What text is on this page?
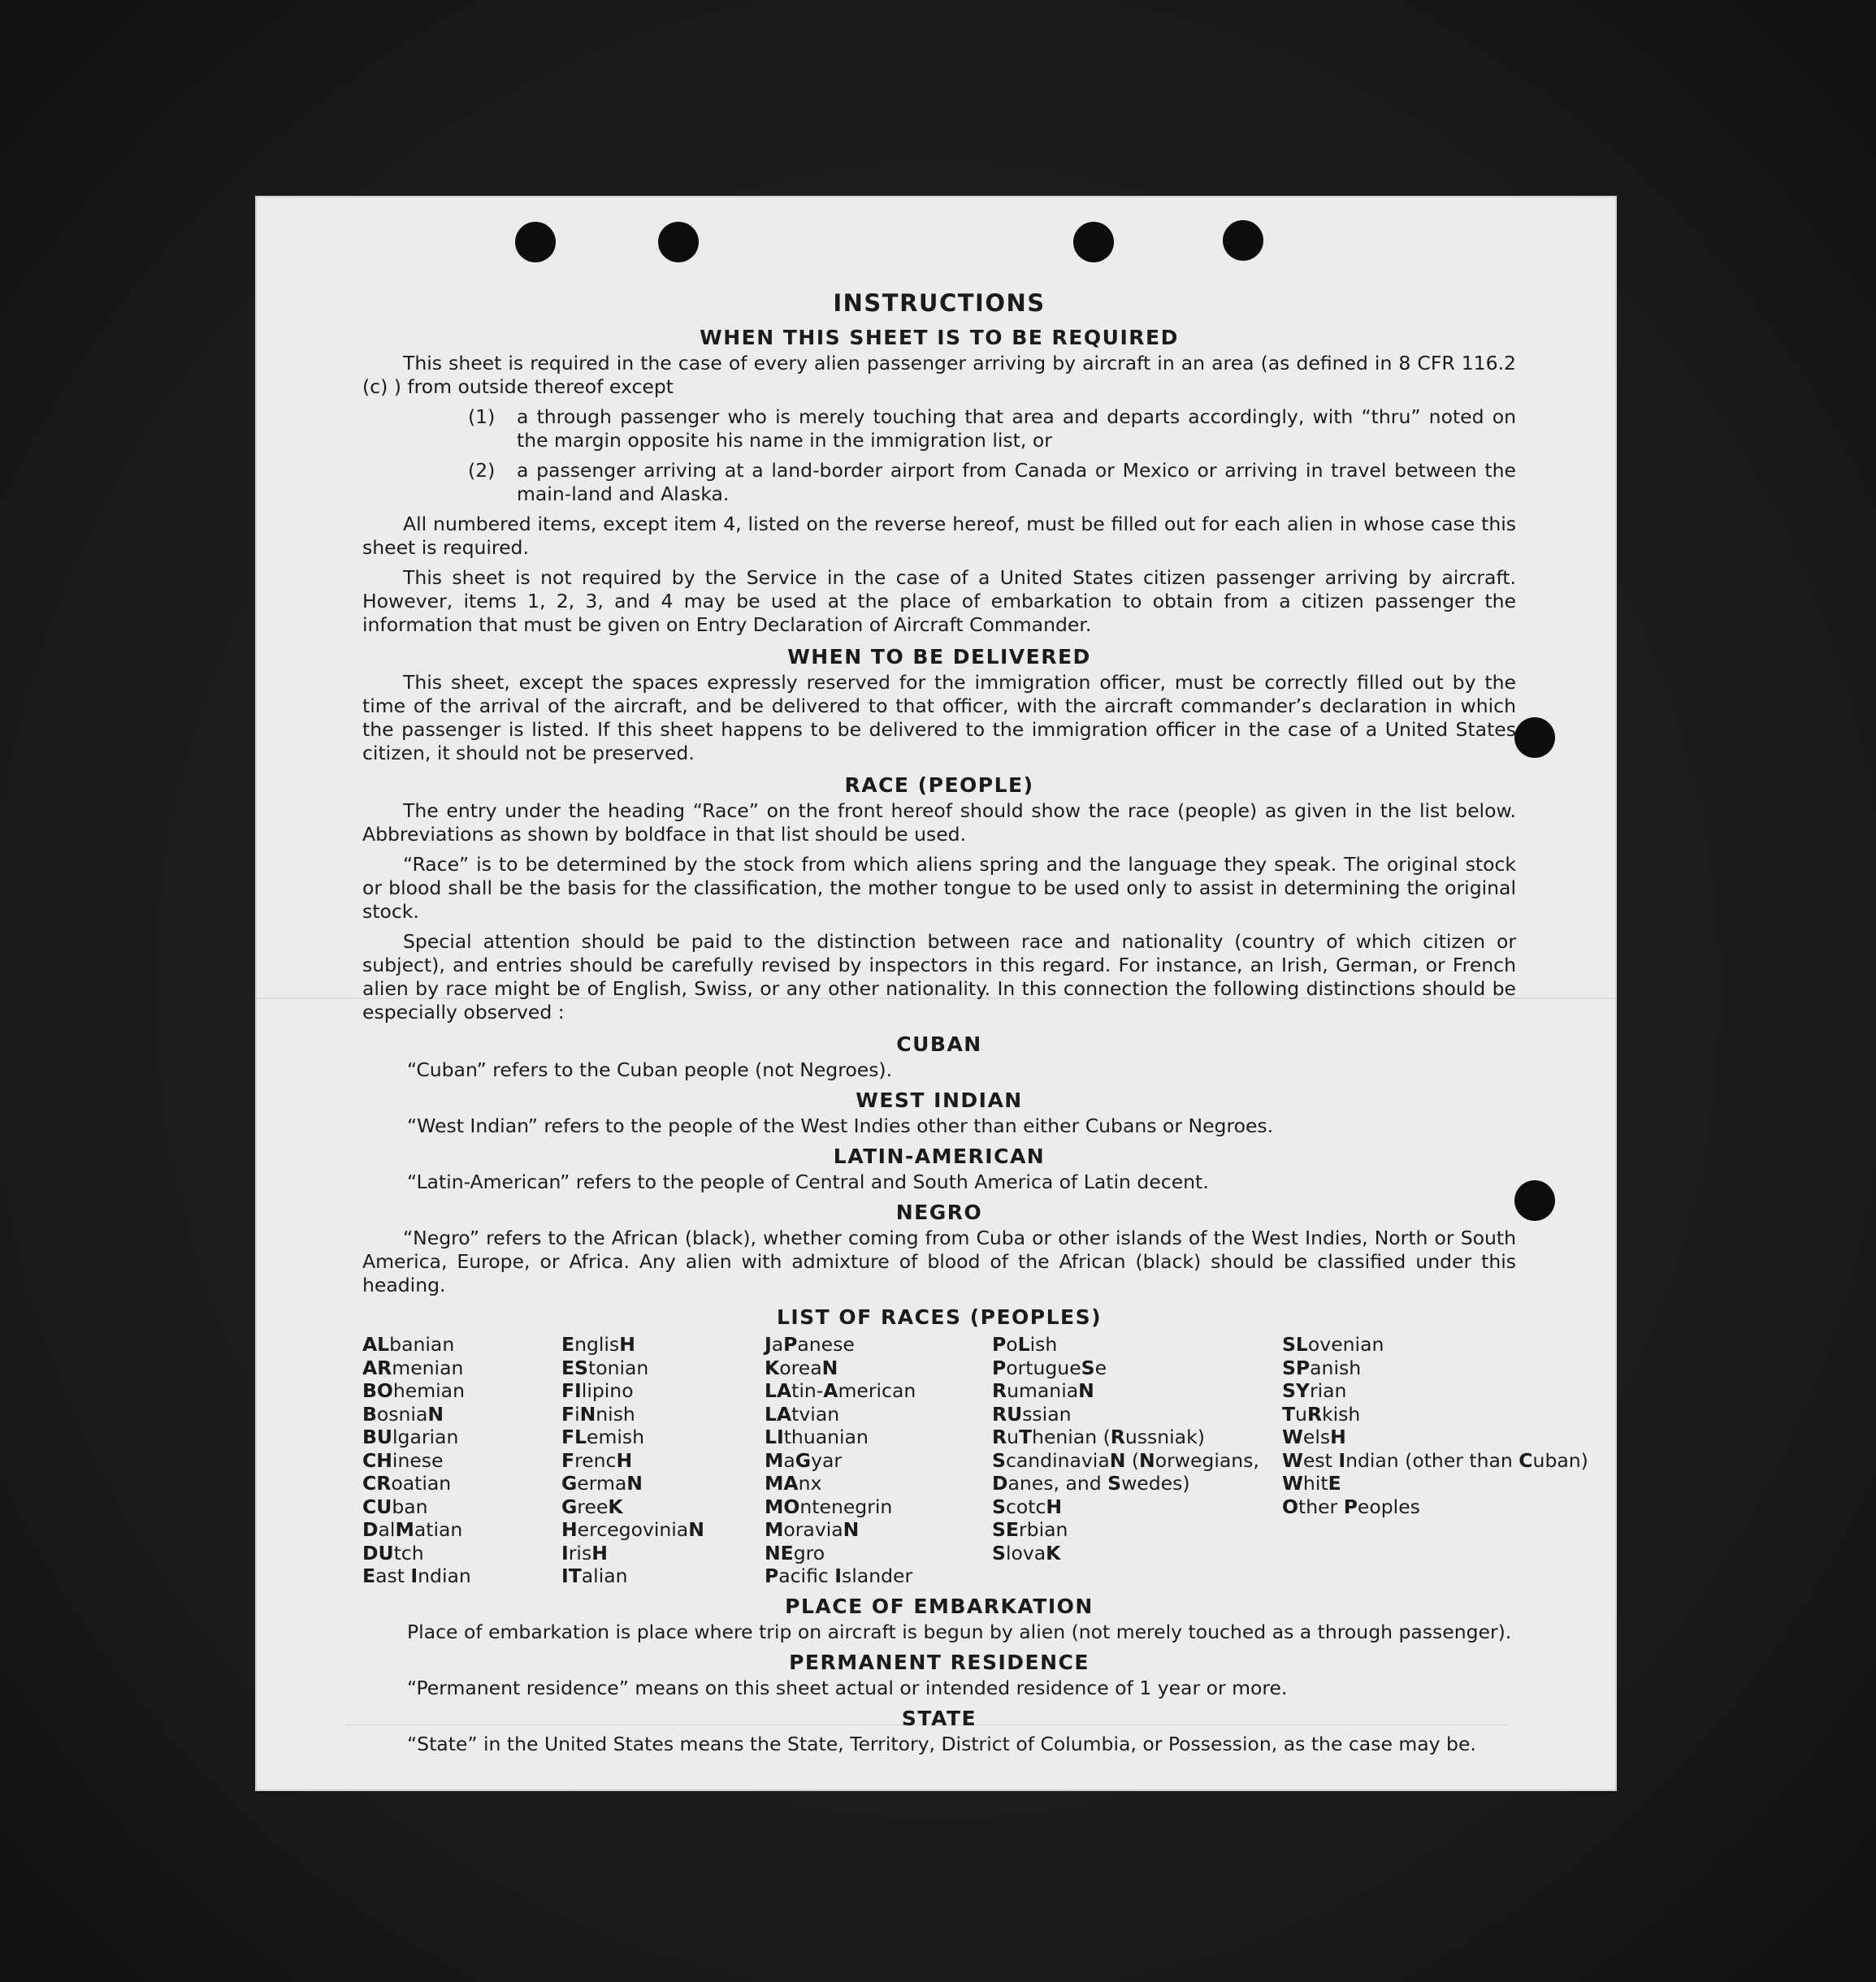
INSTRUCTIONS
WHEN THIS SHEET IS TO BE REQUIRED

This sheet is required in the case of every alien passenger arriving by aircraft in an area (as defined in 8 CFR 116.2 (c) ) from outside thereof except

(1)	a through passenger who is merely touching that area and departs accordingly, with “thru” noted on the margin opposite his name in the immigration list, or
(2)	a passenger arriving at a land-border airport from Canada or Mexico or arriving in travel between the main-land and Alaska.

All numbered items, except item 4, listed on the reverse hereof, must be filled out for each alien in whose case this sheet is required.

This sheet is not required by the Service in the case of a United States citizen passenger arriving by aircraft. However, items 1, 2, 3, and 4 may be used at the place of embarkation to obtain from a citizen passenger the information that must be given on Entry Declaration of Aircraft Commander.

WHEN TO BE DELIVERED

This sheet, except the spaces expressly reserved for the immigration officer, must be correctly filled out by the time of the arrival of the aircraft, and be delivered to that officer, with the aircraft commander’s declaration in which the passenger is listed. If this sheet happens to be delivered to the immigration officer in the case of a United States citizen, it should not be preserved.

RACE (PEOPLE)

The entry under the heading “Race” on the front hereof should show the race (people) as given in the list below. Abbreviations as shown by boldface in that list should be used.

“Race” is to be determined by the stock from which aliens spring and the language they speak. The original stock or blood shall be the basis for the classification, the mother tongue to be used only to assist in determining the original stock.

Special attention should be paid to the distinction between race and nationality (country of which citizen or subject), and entries should be carefully revised by inspectors in this regard. For instance, an Irish, German, or French alien by race might be of English, Swiss, or any other nationality. In this connection the following distinctions should be especially observed :

CUBAN

“Cuban” refers to the Cuban people (not Negroes).

WEST INDIAN

“West Indian” refers to the people of the West Indies other than either Cubans or Negroes.

LATIN-AMERICAN

“Latin-American” refers to the people of Central and South America of Latin decent.

NEGRO

“Negro” refers to the African (black), whether coming from Cuba or other islands of the West Indies, North or South America, Europe, or Africa. Any alien with admixture of blood of the African (black) should be classified under this heading.

LIST OF RACES (PEOPLES)
ALbanian
ARmenian
BOhemian
BosniaN
BUlgarian
CHinese
CRoatian
CUban
DalMatian
DUtch
East Indian
EnglisH
EStonian
FIlipino
FiNnish
FLemish
FrencH
GermaN
GreeK
HercegoviniaN
IrisH
ITalian
JaPanese
KoreaN
LAtin-American
LAtvian
LIthuanian
MaGyar
MAnx
MOntenegrin
MoraviaN
NEgro
Pacific Islander
PoLish
PortugueSe
RumaniaN
RUssian
RuThenian (Russniak)
ScandinaviaN (Norwegians, Danes, and Swedes)
ScotcH
SErbian
SlovaK
SLovenian
SPanish
SYrian
TuRkish
WelsH
West Indian (other than Cuban)
WhitE
Other Peoples
PLACE OF EMBARKATION

Place of embarkation is place where trip on aircraft is begun by alien (not merely touched as a through passenger).

PERMANENT RESIDENCE

“Permanent residence” means on this sheet actual or intended residence of 1 year or more.

STATE

“State” in the United States means the State, Territory, District of Columbia, or Possession, as the case may be.
